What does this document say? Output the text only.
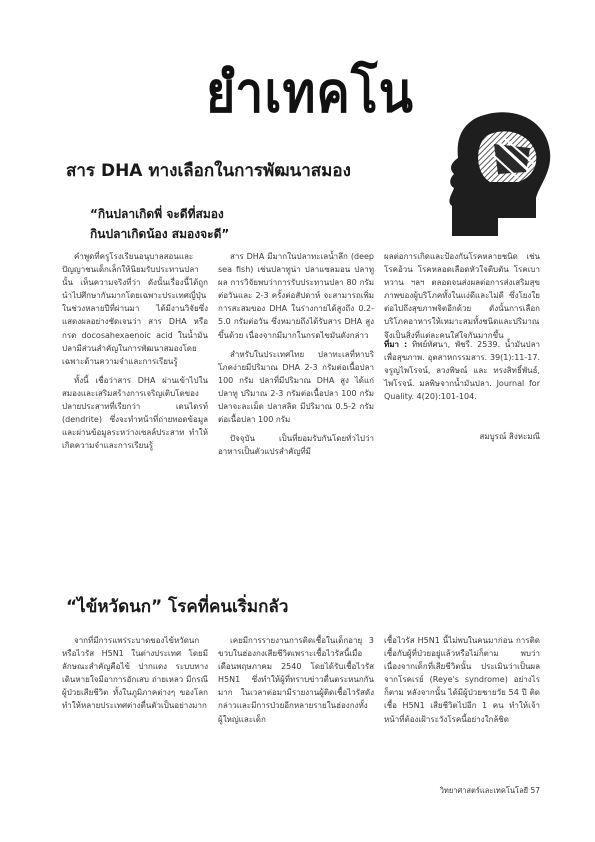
ยำเทคโน
สาร DHA ทางเลือกในการพัฒนาสมอง
“กินปลาเกิดพี่ จะดีที่สมอง
กินปลาเกิดน้อง สมองจะดี”

คำพูดที่ครูโรงเรียนอนุบาลสอนและปัญญาชนเด็กเล็กให้นิยมรับประทานปลานั้น เห็นความจริงที่ว่า ดังนั้นเรื่องนี้ได้ถูกนำไปศึกษากันมากโดยเฉพาะประเทศญี่ปุ่นในช่วงหลายปีที่ผ่านมา ได้มีงานวิจัยซึ่งแสดงผลอย่างชัดเจนว่า สาร DHA หรือกรด docosahexaenoic acid ในน้ำมันปลามีส่วนสำคัญในการพัฒนาสมองโดยเฉพาะด้านความจำและการเรียนรู้

ทั้งนี้ เชื่อว่าสาร DHA ผ่านเข้าไปในสมองและเสริมสร้างการเจริญเติบโตของปลายประสาทที่เรียกว่า เดนไดรท์ (dendrite) ซึ่งจะทำหน้าที่ถ่ายทอดข้อมูลและผ่านข้อมูลระหว่างเซลล์ประสาท ทำให้เกิดความจำและการเรียนรู้

สาร DHA มีมากในปลาทะเลน้ำลึก (deep sea fish) เช่นปลาทูน่า ปลาแซลมอน ปลาทู ผล การวิจัยพบว่าการรับประทานปลา 80 กรัมต่อวันและ 2-3 ครั้งต่อสัปดาห์ จะสามารถเพิ่มการสะสมของ DHA ในร่างกายได้สูงถึง 0.2-5.0 กรัมต่อวัน ซึ่งหมายถึงได้รับสาร DHA สูงขึ้นด้วย เนื่องจากมีมากในกรดไขมันดังกล่าว

สำหรับในประเทศไทย ปลาทะเลที่หาบริโภคง่ายมีปริมาณ DHA 2-3 กรัมต่อเนื้อปลา 100 กรัม ปลาที่มีปริมาณ DHA สูง ได้แก่ ปลาทู ปริมาณ 2-3 กรัมต่อเนื้อปลา 100 กรัม ปลาจะละเม็ด ปลาสลิด มีปริมาณ 0.5-2 กรัมต่อเนื้อปลา 100 กรัม

ปัจจุบัน เป็นที่ยอมรับกันโดยทั่วไปว่าอาหารเป็นตัวแปรสำคัญที่มี

ผลต่อการเกิดและป้องกันโรคหลายชนิด เช่น โรคอ้วน โรคหลอดเลือดหัวใจตีบตัน โรคเบาหวาน ฯลฯ ตลอดจนส่งผลต่อการส่งเสริมสุขภาพของผู้บริโภคทั้งในแง่ดีและไม่ดี ซึ่งโยงใยต่อไปถึงสุขภาพจิตอีกด้วย ดังนั้นการเลือกบริโภคอาหารให้เหมาะสมทั้งชนิดและปริมาณ จึงเป็นสิ่งที่แต่ละคนใส่ใจกันมากขึ้น

ที่มา : ทิพย์ทัศนา, พัชรี. 2539. น้ำมันปลา เพื่อสุขภาพ. อุตสาหกรรมสาร. 39(1):11-17. จรูญไพโรจน์, ลวงพิษณ์ และ ทรงสิทธิ์พันธ์, ไพโรจน์. มลพิษจากน้ำมันปลา. Journal for Quality. 4(20):101-104.

สมบูรณ์ สิงหะมณี

“ไข้หวัดนก” โรคที่คนเริ่มกลัว

จากที่มีการแพร่ระบาดของไข้หวัดนกหรือไวรัส H5N1 ในต่างประเทศ โดยมีลักษณะสำคัญคือไข้ ปากแดง ระบบทางเดินหายใจมีอาการอักเสบ ถ่ายเหลว มีกรณีผู้ป่วยเสียชีวิต ทั้งในภูมิภาคต่างๆ ของโลก ทำให้หลายประเทศต่างตื่นตัวเป็นอย่างมาก

เคยมีการรายงานการติดเชื้อในเด็กอายุ 3 ขวบในฮ่องกงเสียชีวิตเพราะเชื้อไวรัสนี้เมื่อเดือนพฤษภาคม 2540 โดยได้รับเชื้อไวรัส H5N1 ซึ่งทำให้ผู้ที่ทราบข่าวตื่นตระหนกกันมาก ในเวลาต่อมามีรายงานผู้ติดเชื้อไวรัสดังกล่าวและมีการป่วยอีกหลายรายในฮ่องกงทั้งผู้ใหญ่และเด็ก

เชื้อไวรัส H5N1 นี้ไม่พบในคนมาก่อน การติดเชื้อกับผู้ที่ป่วยอยู่แล้วหรือไม่ก็ตาม พบว่า เนื่องจากเด็กที่เสียชีวิตนั้น ประเมินว่าเป็นผลจากโรคเรย์ (Reye's syndrome) อย่างไรก็ตาม หลังจากนั้น ได้มีผู้ป่วยชายวัย 54 ปี ติดเชื้อ H5N1 เสียชีวิตไปอีก 1 คน ทำให้เจ้าหน้าที่ต้องเฝ้าระวังโรคนี้อย่างใกล้ชิด

วิทยาศาสตร์และเทคโนโลยี 57
